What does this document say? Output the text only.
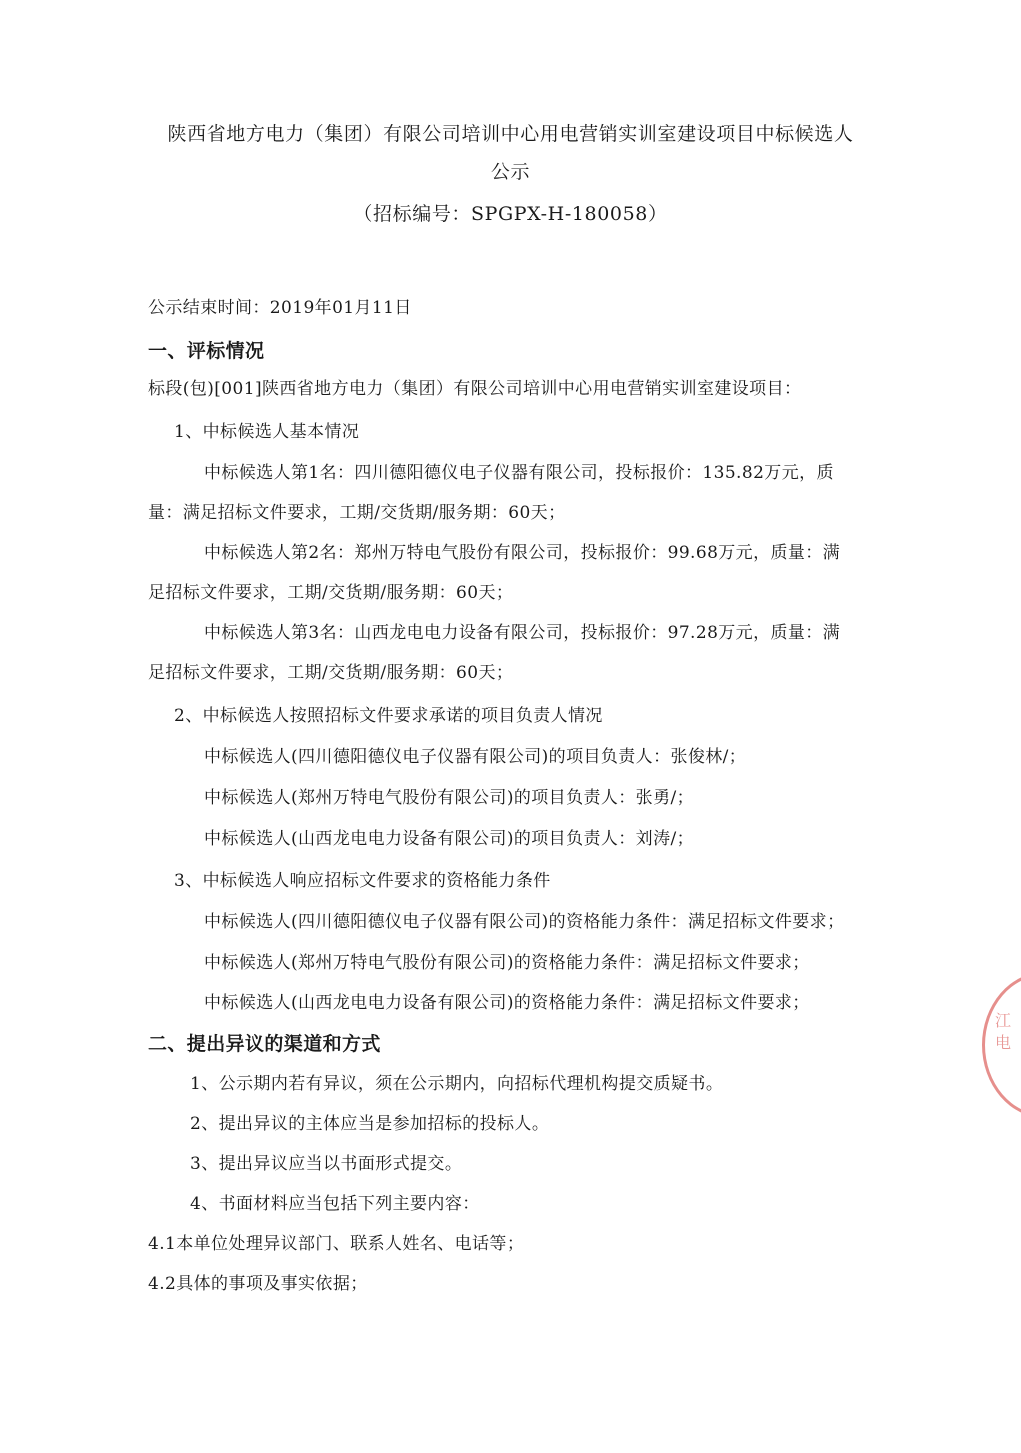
陕西省地方电力（集团）有限公司培训中心用电营销实训室建设项目中标候选人
公示
（招标编号：SPGPX-H-180058）
公示结束时间：2019年01月11日
一、评标情况
标段(包)[001]陕西省地方电力（集团）有限公司培训中心用电营销实训室建设项目：
1、中标候选人基本情况
中标候选人第1名：四川德阳德仪电子仪器有限公司，投标报价：135.82万元，质
量：满足招标文件要求，工期/交货期/服务期：60天；
中标候选人第2名：郑州万特电气股份有限公司，投标报价：99.68万元，质量：满
足招标文件要求，工期/交货期/服务期：60天；
中标候选人第3名：山西龙电电力设备有限公司，投标报价：97.28万元，质量：满
足招标文件要求，工期/交货期/服务期：60天；
2、中标候选人按照招标文件要求承诺的项目负责人情况
中标候选人(四川德阳德仪电子仪器有限公司)的项目负责人：张俊林/；
中标候选人(郑州万特电气股份有限公司)的项目负责人：张勇/；
中标候选人(山西龙电电力设备有限公司)的项目负责人：刘涛/；
3、中标候选人响应招标文件要求的资格能力条件
中标候选人(四川德阳德仪电子仪器有限公司)的资格能力条件：满足招标文件要求；
中标候选人(郑州万特电气股份有限公司)的资格能力条件：满足招标文件要求；
中标候选人(山西龙电电力设备有限公司)的资格能力条件：满足招标文件要求；
二、提出异议的渠道和方式
1、公示期内若有异议，须在公示期内，向招标代理机构提交质疑书。
2、提出异议的主体应当是参加招标的投标人。
3、提出异议应当以书面形式提交。
4、书面材料应当包括下列主要内容：
4.1本单位处理异议部门、联系人姓名、电话等；
4.2具体的事项及事实依据；
江 电
